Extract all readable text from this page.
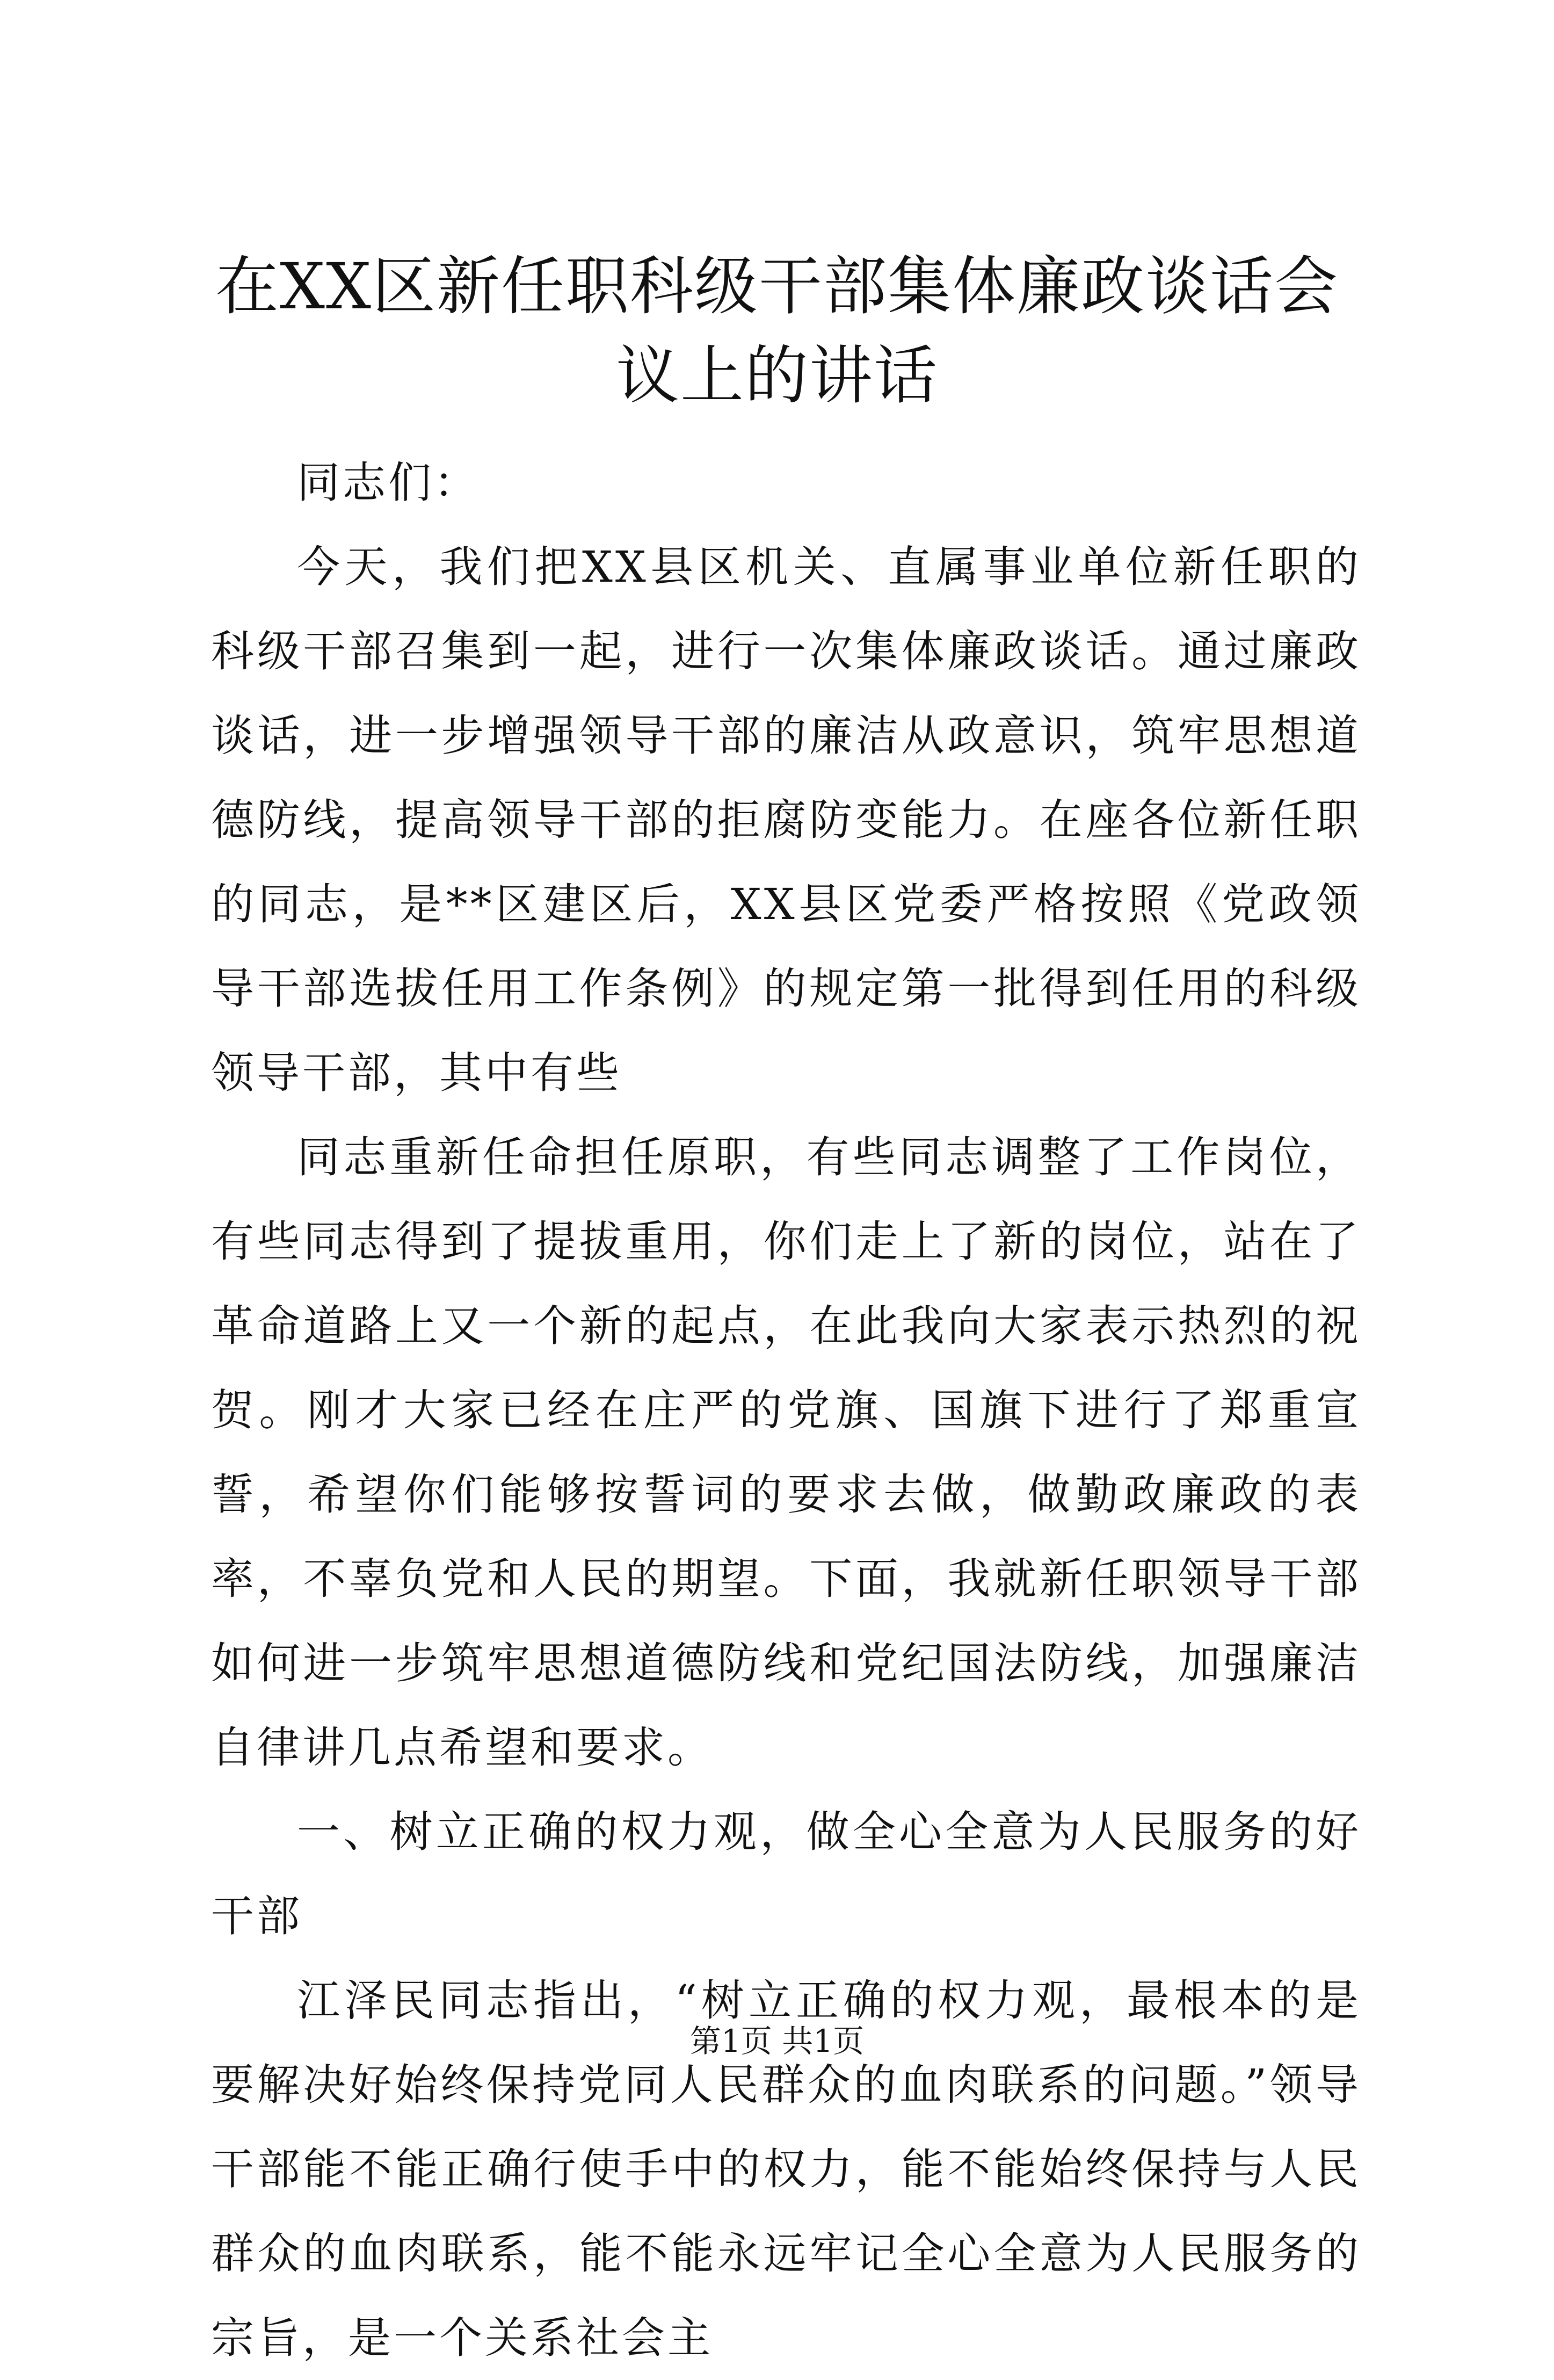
在XX区新任职科级干部集体廉政谈话会议上的讲话

同志们：

今天，我们把XX县区机关、直属事业单位新任职的科级干部召集到一起，进行一次集体廉政谈话。通过廉政谈话，进一步增强领导干部的廉洁从政意识，筑牢思想道德防线，提高领导干部的拒腐防变能力。在座各位新任职的同志，是**区建区后，XX县区党委严格按照《党政领导干部选拔任用工作条例》的规定第一批得到任用的科级领导干部，其中有些

同志重新任命担任原职，有些同志调整了工作岗位，有些同志得到了提拔重用，你们走上了新的岗位，站在了革命道路上又一个新的起点，在此我向大家表示热烈的祝贺。刚才大家已经在庄严的党旗、国旗下进行了郑重宣誓，希望你们能够按誓词的要求去做，做勤政廉政的表率，不辜负党和人民的期望。下面，我就新任职领导干部如何进一步筑牢思想道德防线和党纪国法防线，加强廉洁自律讲几点希望和要求。

一、树立正确的权力观，做全心全意为人民服务的好干部

江泽民同志指出，“树立正确的权力观，最根本的是要解决好始终保持党同人民群众的血肉联系的问题。”领导干部能不能正确行使手中的权力，能不能始终保持与人民群众的血肉联系，能不能永远牢记全心全意为人民服务的宗旨，是一个关系社会主

第1页 共1页
